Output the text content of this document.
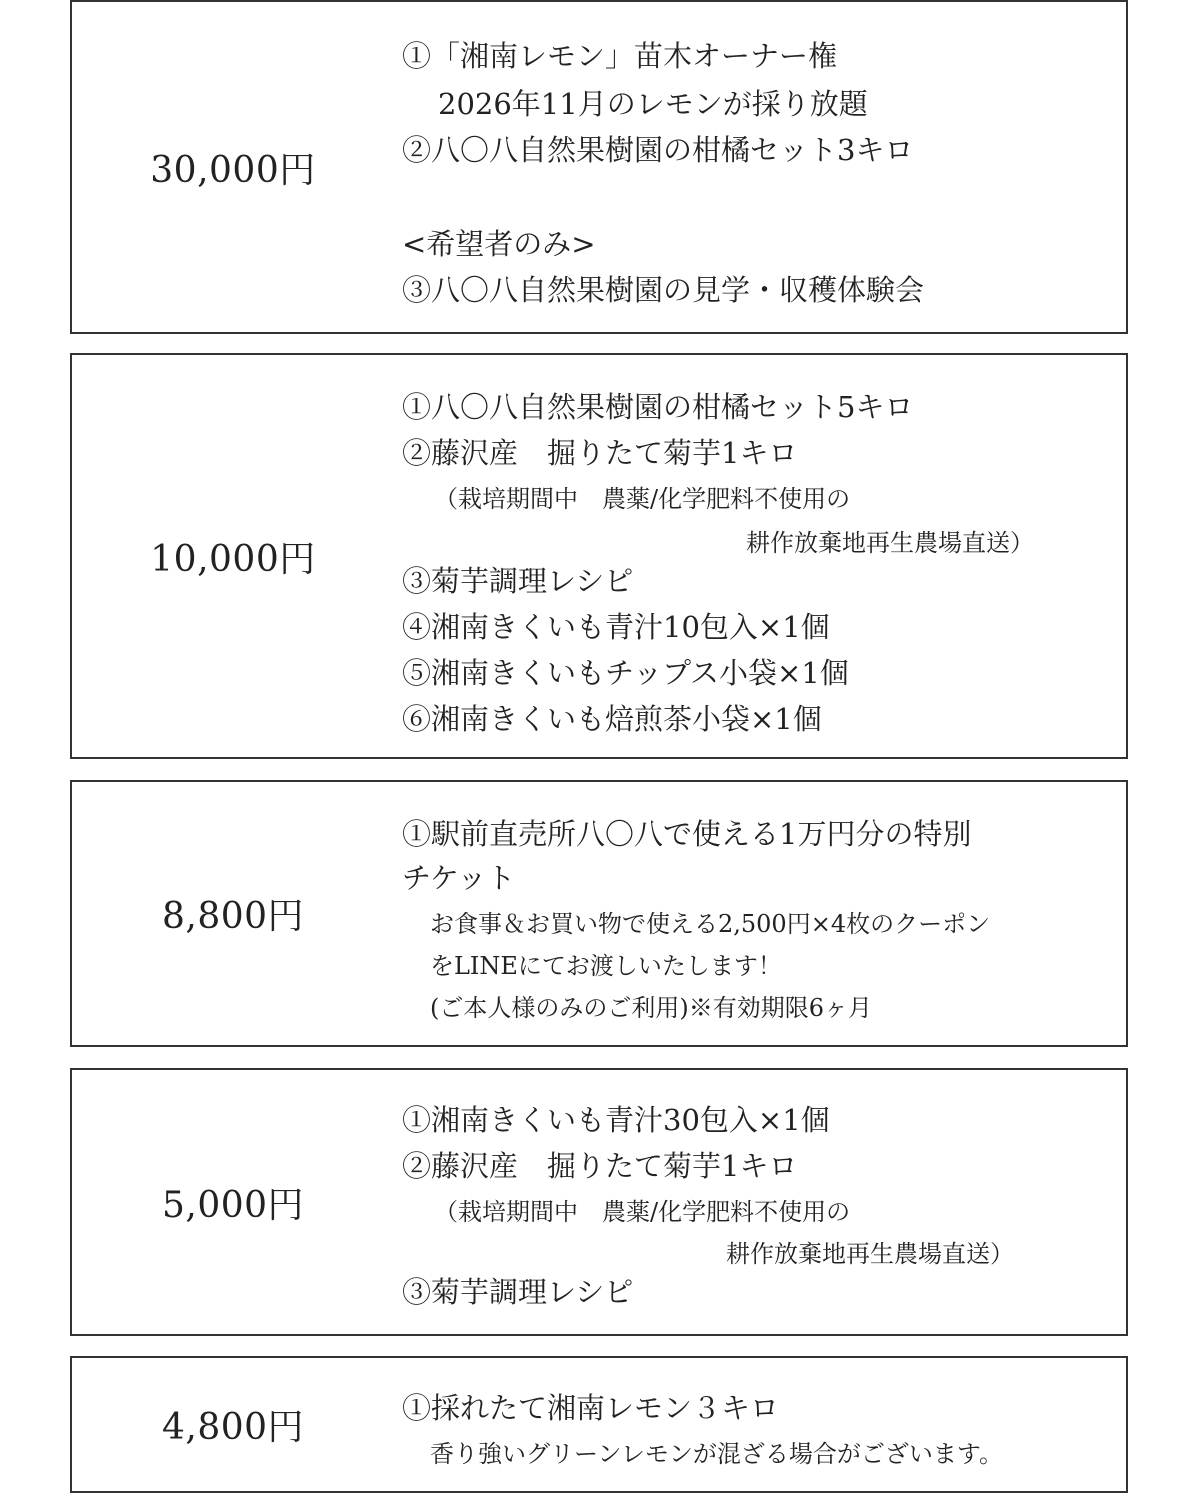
30,000円
①「湘南レモン」苗木オーナー権
2026年11月のレモンが採り放題
②八〇八自然果樹園の柑橘セット3キロ
<希望者のみ>
③八〇八自然果樹園の見学・収穫体験会
10,000円
①八〇八自然果樹園の柑橘セット5キロ
②藤沢産　掘りたて菊芋1キロ
（栽培期間中　農薬/化学肥料不使用の
耕作放棄地再生農場直送）
③菊芋調理レシピ
④湘南きくいも青汁10包入×1個
⑤湘南きくいもチップス小袋×1個
⑥湘南きくいも焙煎茶小袋×1個
8,800円
①駅前直売所八〇八で使える1万円分の特別
チケット
お食事＆お買い物で使える2,500円×4枚のクーポン
をLINEにてお渡しいたします！
(ご本人様のみのご利用)※有効期限6ヶ月
5,000円
①湘南きくいも青汁30包入×1個
②藤沢産　掘りたて菊芋1キロ
（栽培期間中　農薬/化学肥料不使用の
耕作放棄地再生農場直送）
③菊芋調理レシピ
4,800円	①採れたて湘南レモン３キロ
香り強いグリーンレモンが混ざる場合がございます。
